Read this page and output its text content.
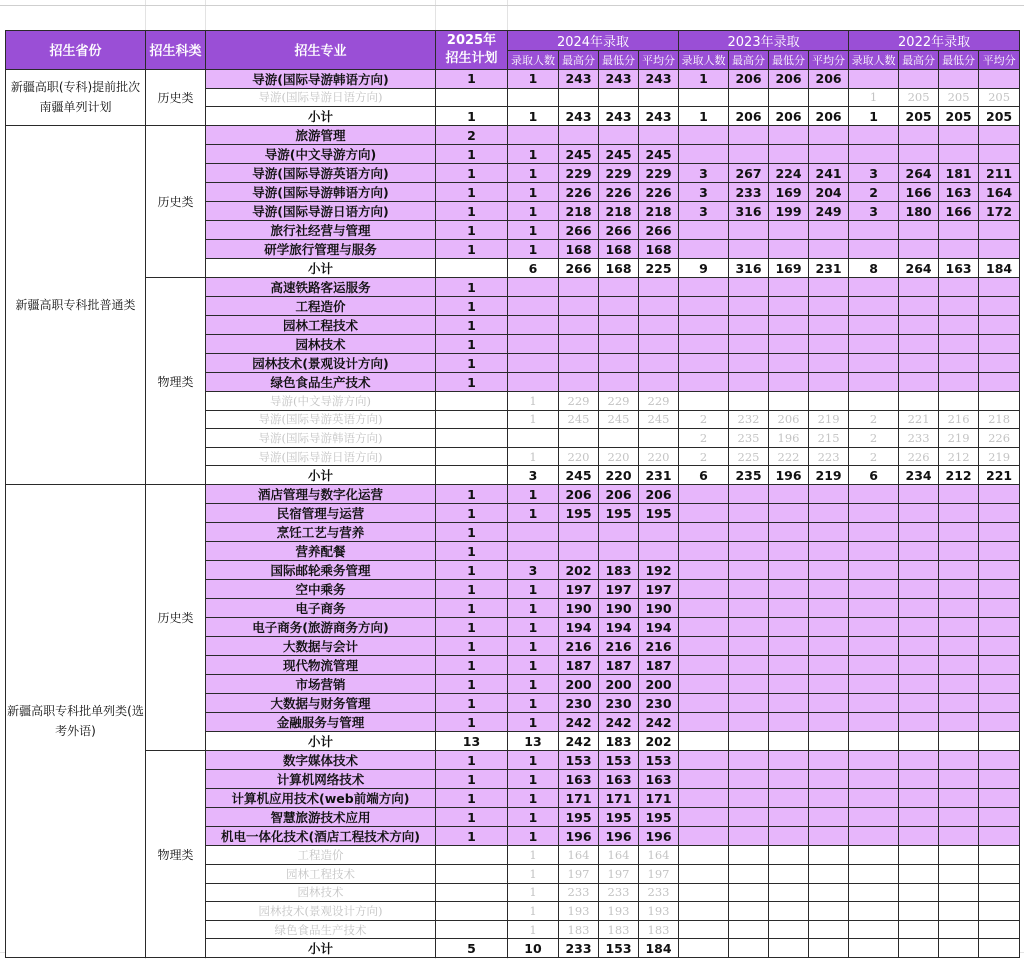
招生省份	招生科类	招生专业	2025年
招生计划	2024年录取				2023年录取				2022年录取			
				录取人数	最高分	最低分	平均分	录取人数	最高分	最低分	平均分	录取人数	最高分	最低分	平均分
新疆高职(专科)提前批次南疆单列计划	历史类	导游(国际导游韩语方向)	1	1	243	243	243	1	206	206	206				
		导游(国际导游日语方向)										1	205	205	205
		小计	1	1	243	243	243	1	206	206	206	1	205	205	205
新疆高职专科批普通类	历史类	旅游管理	2												
		导游(中文导游方向)	1	1	245	245	245								
		导游(国际导游英语方向)	1	1	229	229	229	3	267	224	241	3	264	181	211
		导游(国际导游韩语方向)	1	1	226	226	226	3	233	169	204	2	166	163	164
		导游(国际导游日语方向)	1	1	218	218	218	3	316	199	249	3	180	166	172
		旅行社经营与管理	1	1	266	266	266								
		研学旅行管理与服务	1	1	168	168	168								
		小计		6	266	168	225	9	316	169	231	8	264	163	184
	物理类	高速铁路客运服务	1												
		工程造价	1												
		园林工程技术	1												
		园林技术	1												
		园林技术(景观设计方向)	1												
		绿色食品生产技术	1												
		导游(中文导游方向)		1	229	229	229								
		导游(国际导游英语方向)		1	245	245	245	2	232	206	219	2	221	216	218
		导游(国际导游韩语方向)						2	235	196	215	2	233	219	226
		导游(国际导游日语方向)		1	220	220	220	2	225	222	223	2	226	212	219
		小计		3	245	220	231	6	235	196	219	6	234	212	221
新疆高职专科批单列类(选考外语)	历史类	酒店管理与数字化运营	1	1	206	206	206								
		民宿管理与运营	1	1	195	195	195								
		烹饪工艺与营养	1												
		营养配餐	1												
		国际邮轮乘务管理	1	3	202	183	192								
		空中乘务	1	1	197	197	197								
		电子商务	1	1	190	190	190								
		电子商务(旅游商务方向)	1	1	194	194	194								
		大数据与会计	1	1	216	216	216								
		现代物流管理	1	1	187	187	187								
		市场营销	1	1	200	200	200								
		大数据与财务管理	1	1	230	230	230								
		金融服务与管理	1	1	242	242	242								
		小计	13	13	242	183	202								
	物理类	数字媒体技术	1	1	153	153	153								
		计算机网络技术	1	1	163	163	163								
		计算机应用技术(web前端方向)	1	1	171	171	171								
		智慧旅游技术应用	1	1	195	195	195								
		机电一体化技术(酒店工程技术方向)	1	1	196	196	196								
		工程造价		1	164	164	164								
		园林工程技术		1	197	197	197								
		园林技术		1	233	233	233								
		园林技术(景观设计方向)		1	193	193	193								
		绿色食品生产技术		1	183	183	183								
		小计	5	10	233	153	184								
